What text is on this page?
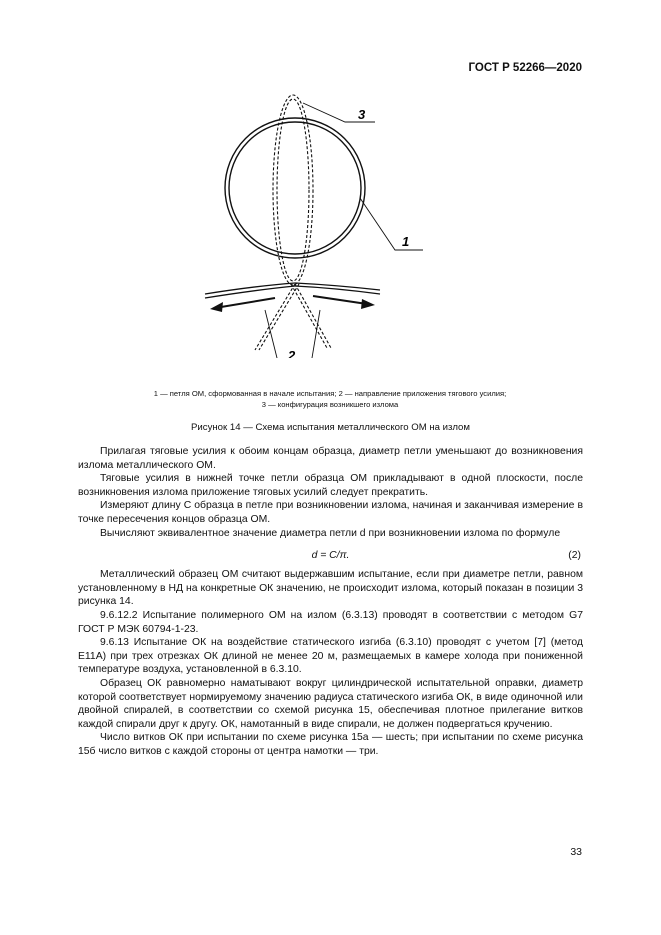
ГОСТ Р 52266—2020
3
1
2
1 — петля ОМ, сформованная в начале испытания; 2 — направление приложения тягового усилия;
3 — конфигурация возникшего излома
Рисунок 14 — Схема испытания металлического ОМ на излом

Прилагая тяговые усилия к обоим концам образца, диаметр петли уменьшают до возникновения излома металлического ОМ.

Тяговые усилия в нижней точке петли образца ОМ прикладывают в одной плоскости, после возникновения излома приложение тяговых усилий следует прекратить.

Измеряют длину C образца в петле при возникновении излома, начиная и заканчивая измерение в точке пересечения концов образца ОМ.

Вычисляют эквивалентное значение диаметра петли d при возникновении излома по формуле

d = C/π.	(2)

Металлический образец ОМ считают выдержавшим испытание, если при диаметре петли, равном установленному в НД на конкретные ОК значению, не происходит излома, который показан в позиции 3 рисунка 14.

9.6.12.2 Испытание полимерного ОМ на излом (6.3.13) проводят в соответствии с методом G7 ГОСТ Р МЭК 60794-1-23.

9.6.13 Испытание ОК на воздействие статического изгиба (6.3.10) проводят с учетом [7] (метод E11A) при трех отрезках ОК длиной не менее 20 м, размещаемых в камере холода при пониженной температуре воздуха, установленной в 6.3.10.

Образец ОК равномерно наматывают вокруг цилиндрической испытательной оправки, диаметр которой соответствует нормируемому значению радиуса статического изгиба ОК, в виде одиночной или двойной спиралей, в соответствии со схемой рисунка 15, обеспечивая плотное прилегание витков каждой спирали друг к другу. ОК, намотанный в виде спирали, не должен подвергаться кручению.

Число витков ОК при испытании по схеме рисунка 15а — шесть; при испытании по схеме рисунка 15б число витков с каждой стороны от центра намотки — три.

33
